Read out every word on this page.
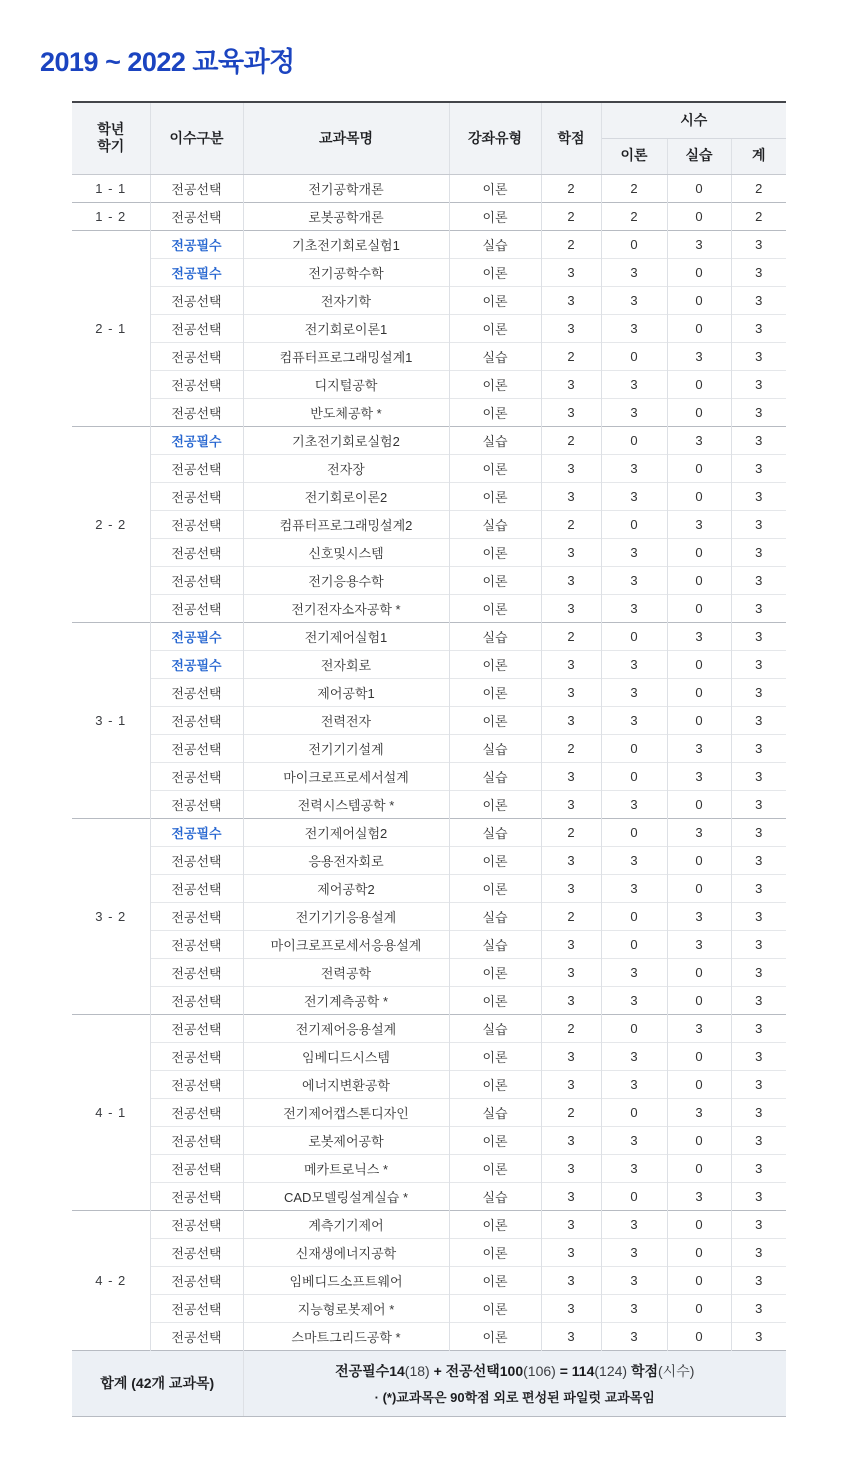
2019 ~ 2022 교육과정
학년
학기	이수구분	교과목명	강좌유형	학점	시수		
					이론	실습	계
1 - 1	전공선택	전기공학개론	이론	2	2	0	2
1 - 2	전공선택	로봇공학개론	이론	2	2	0	2
2 - 1	전공필수	기초전기회로실험1	실습	2	0	3	3
	전공필수	전기공학수학	이론	3	3	0	3
	전공선택	전자기학	이론	3	3	0	3
	전공선택	전기회로이론1	이론	3	3	0	3
	전공선택	컴퓨터프로그래밍설계1	실습	2	0	3	3
	전공선택	디지털공학	이론	3	3	0	3
	전공선택	반도체공학 *	이론	3	3	0	3
2 - 2	전공필수	기초전기회로실험2	실습	2	0	3	3
	전공선택	전자장	이론	3	3	0	3
	전공선택	전기회로이론2	이론	3	3	0	3
	전공선택	컴퓨터프로그래밍설계2	실습	2	0	3	3
	전공선택	신호및시스템	이론	3	3	0	3
	전공선택	전기응용수학	이론	3	3	0	3
	전공선택	전기전자소자공학 *	이론	3	3	0	3
3 - 1	전공필수	전기제어실험1	실습	2	0	3	3
	전공필수	전자회로	이론	3	3	0	3
	전공선택	제어공학1	이론	3	3	0	3
	전공선택	전력전자	이론	3	3	0	3
	전공선택	전기기기설계	실습	2	0	3	3
	전공선택	마이크로프로세서설계	실습	3	0	3	3
	전공선택	전력시스템공학 *	이론	3	3	0	3
3 - 2	전공필수	전기제어실험2	실습	2	0	3	3
	전공선택	응용전자회로	이론	3	3	0	3
	전공선택	제어공학2	이론	3	3	0	3
	전공선택	전기기기응용설계	실습	2	0	3	3
	전공선택	마이크로프로세서응용설계	실습	3	0	3	3
	전공선택	전력공학	이론	3	3	0	3
	전공선택	전기계측공학 *	이론	3	3	0	3
4 - 1	전공선택	전기제어응용설계	실습	2	0	3	3
	전공선택	임베디드시스템	이론	3	3	0	3
	전공선택	에너지변환공학	이론	3	3	0	3
	전공선택	전기제어캡스톤디자인	실습	2	0	3	3
	전공선택	로봇제어공학	이론	3	3	0	3
	전공선택	메카트로닉스 *	이론	3	3	0	3
	전공선택	CAD모델링설계실습 *	실습	3	0	3	3
4 - 2	전공선택	계측기기제어	이론	3	3	0	3
	전공선택	신재생에너지공학	이론	3	3	0	3
	전공선택	임베디드소프트웨어	이론	3	3	0	3
	전공선택	지능형로봇제어 *	이론	3	3	0	3
	전공선택	스마트그리드공학 *	이론	3	3	0	3
합계 (42개 교과목)		전공필수14(18) + 전공선택100(106) = 114(124) 학점(시수)
· (*)교과목은 90학점 외로 편성된 파일럿 교과목임					
